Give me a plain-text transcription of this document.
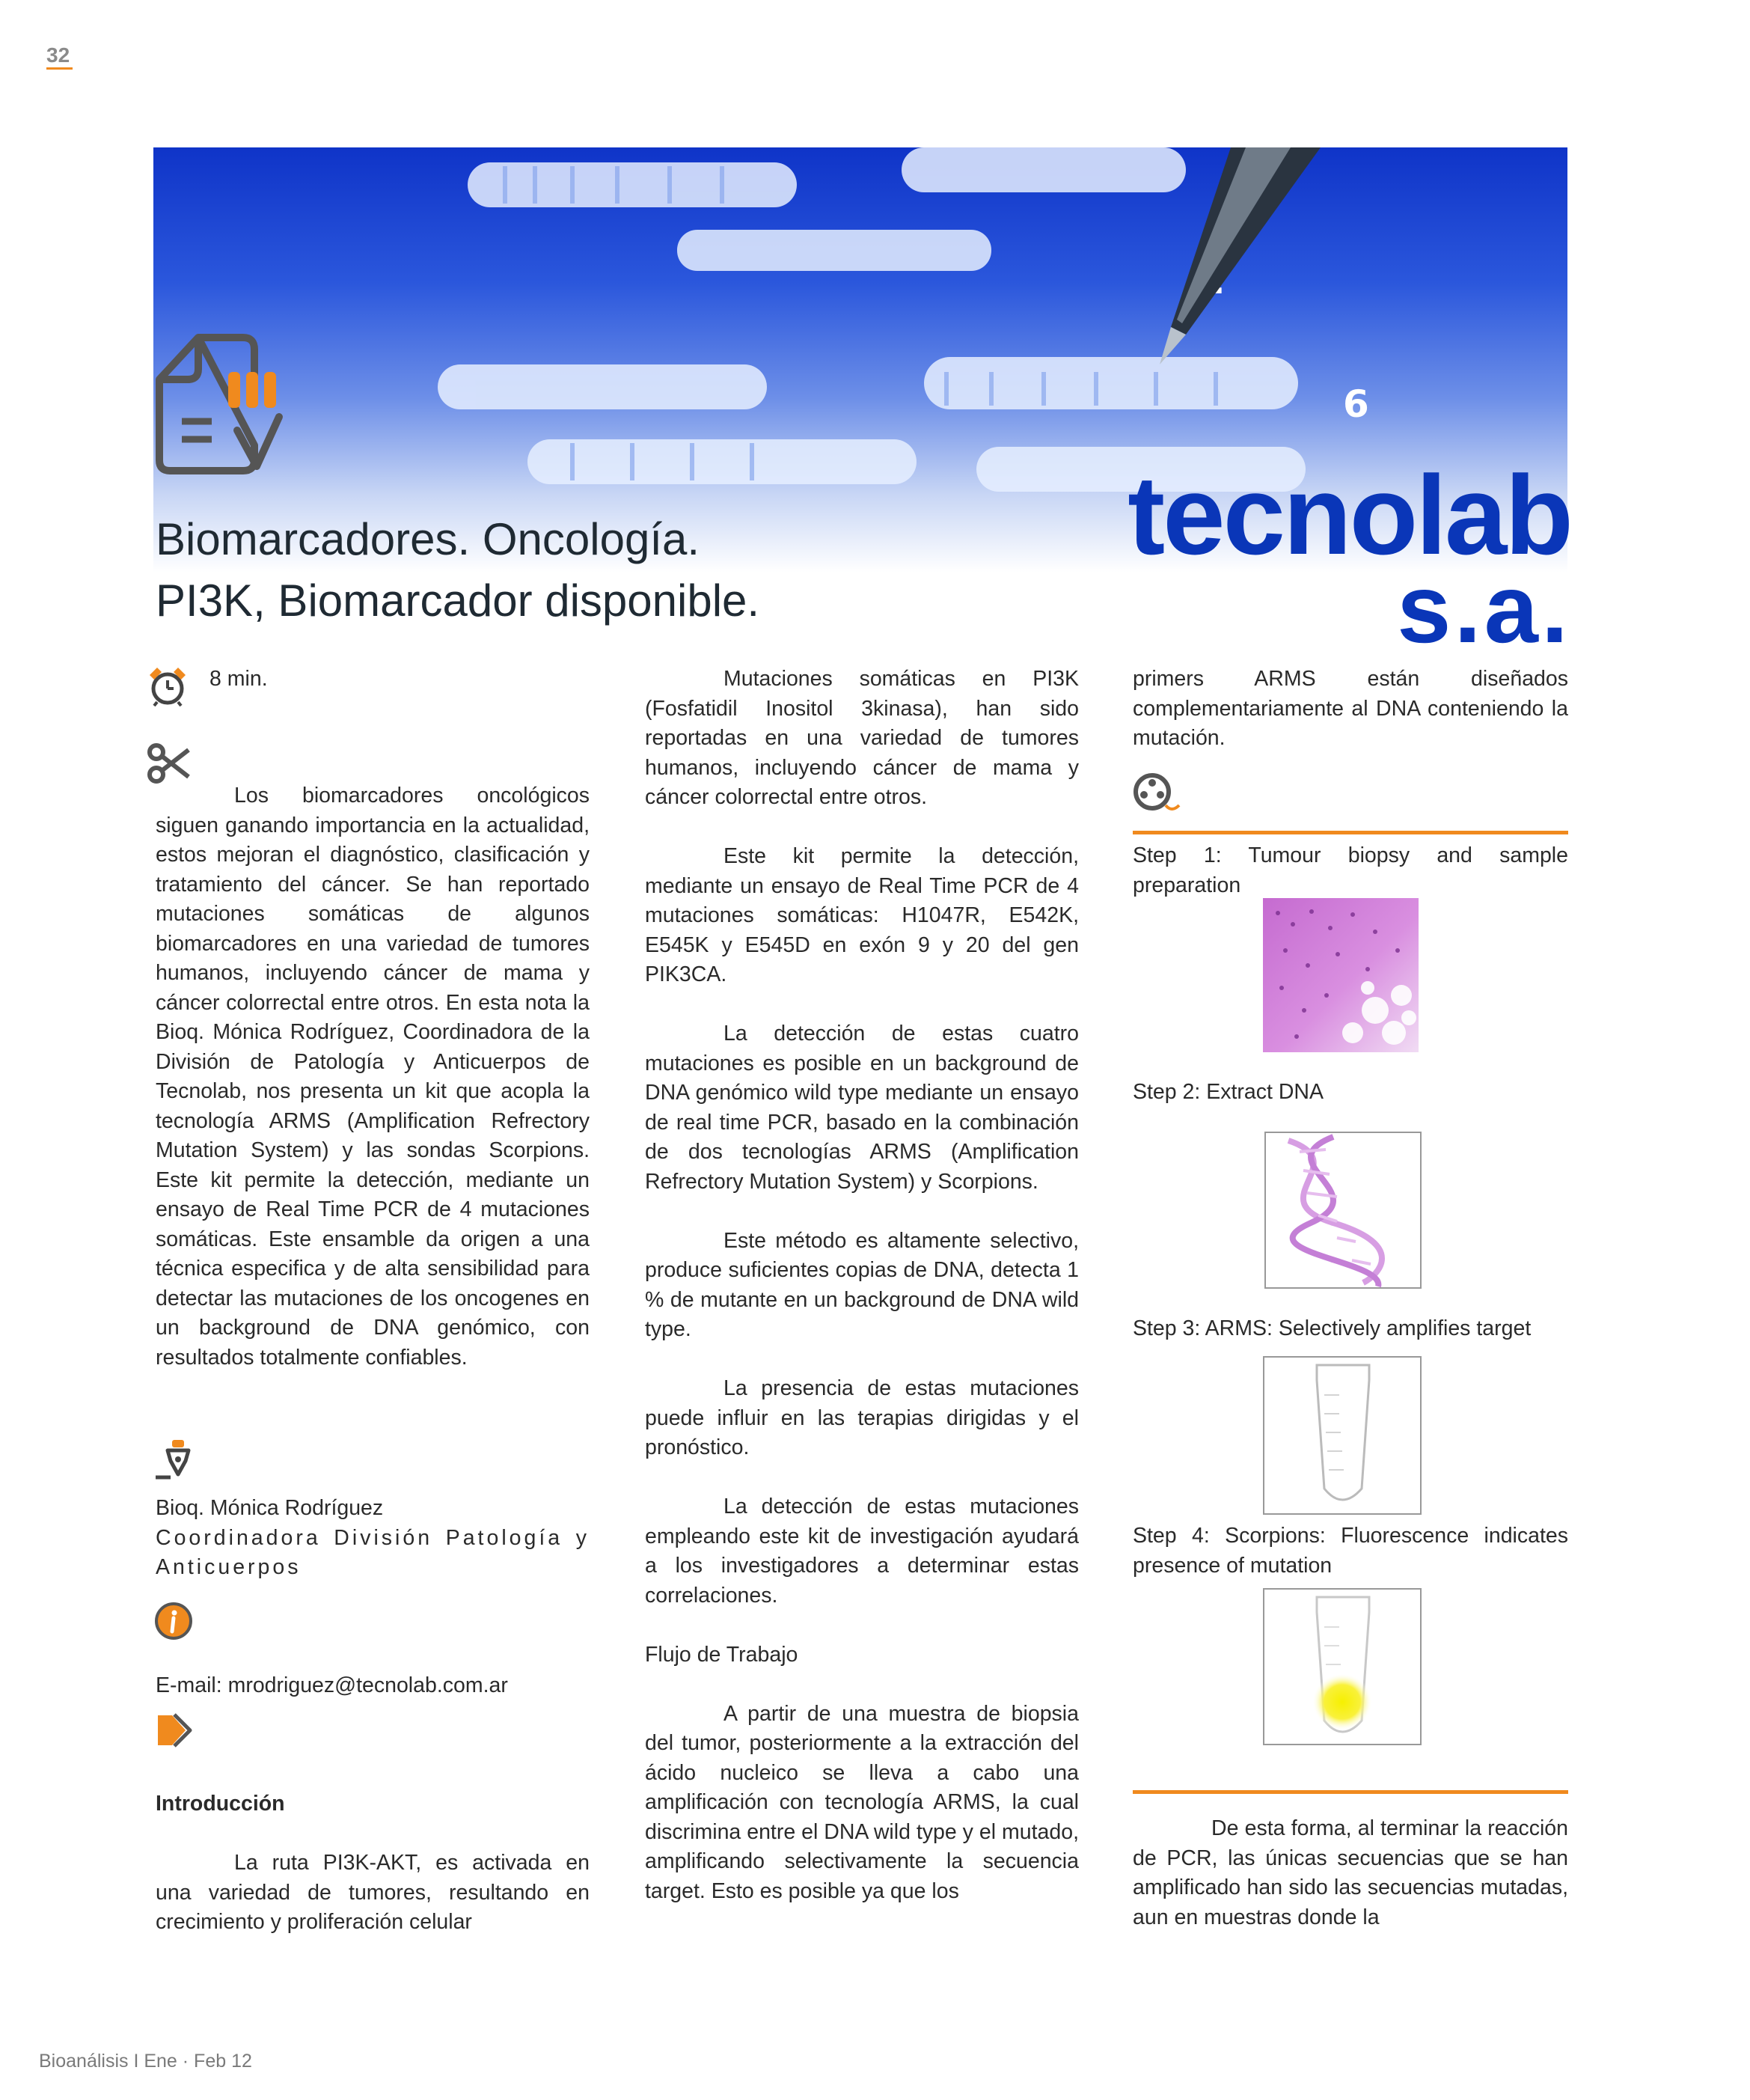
32
6
Biomarcadores. Oncología.
PI3K, Biomarcador disponible.
tecnolab
s.a.
8 min.

Los biomarcadores oncológicos siguen ganando importancia en la actualidad, estos mejoran el diagnóstico, clasificación y tratamiento del cáncer. Se han reportado mutaciones somáticas de algunos biomarcadores en una variedad de tumores humanos, incluyendo cáncer de mama y cáncer colorrectal entre otros. En esta nota la Bioq. Mónica Rodríguez, Coordinadora de la División de Patología y Anticuerpos de Tecnolab, nos presenta un kit que acopla la tecnología ARMS (Amplification Refrectory Mutation System) y las sondas Scorpions. Este kit permite la detección, mediante un ensayo de Real Time PCR de 4 mutaciones somáticas. Este ensamble da origen a una técnica especifica y de alta sensibilidad para detectar las mutaciones de los oncogenes en un background de DNA genómico, con resultados totalmente confiables.

Bioq. Mónica Rodríguez

Coordinadora División Patología y Anticuerpos

E-mail: mrodriguez@tecnolab.com.ar

Introducción

La ruta PI3K-AKT, es activada en una variedad de tumores, resultando en crecimiento y proliferación celular

Mutaciones somáticas en PI3K (Fosfatidil Inositol 3kinasa), han sido reportadas en una variedad de tumores humanos, incluyendo cáncer de mama y cáncer colorrectal entre otros.

Este kit permite la detección, mediante un ensayo de Real Time PCR de 4 mutaciones somáticas: H1047R, E542K, E545K y E545D en exón 9 y 20 del gen PIK3CA.

La detección de estas cuatro mutaciones es posible en un background de DNA genómico wild type mediante un ensayo de real time PCR, basado en la combinación de dos tecnologías ARMS (Amplification Refrectory Mutation System) y Scorpions.

Este método es altamente selectivo, produce suficientes copias de DNA, detecta 1 % de mutante en un background de DNA wild type.

La presencia de estas mutaciones puede influir en las terapias dirigidas y el pronóstico.

La detección de estas mutaciones empleando este kit de investigación ayudará a los investigadores a determinar estas correlaciones.

Flujo de Trabajo

A partir de una muestra de biopsia del tumor, posteriormente a la extracción del ácido nucleico se lleva a cabo una amplificación con tecnología ARMS, la cual discrimina entre el DNA wild type y el mutado, amplificando selectivamente la secuencia target. Esto es posible ya que los

primers ARMS están diseñados complementariamente al DNA conteniendo la mutación.

Step 1: Tumour biopsy and sample preparation

Step 2: Extract DNA

Step 3: ARMS: Selectively amplifies target

Step 4: Scorpions: Fluorescence indicates presence of mutation

De esta forma, al terminar la reacción de PCR, las únicas secuencias que se han amplificado han sido las secuencias mutadas, aun en muestras donde la

Bioanálisis I Ene · Feb 12
